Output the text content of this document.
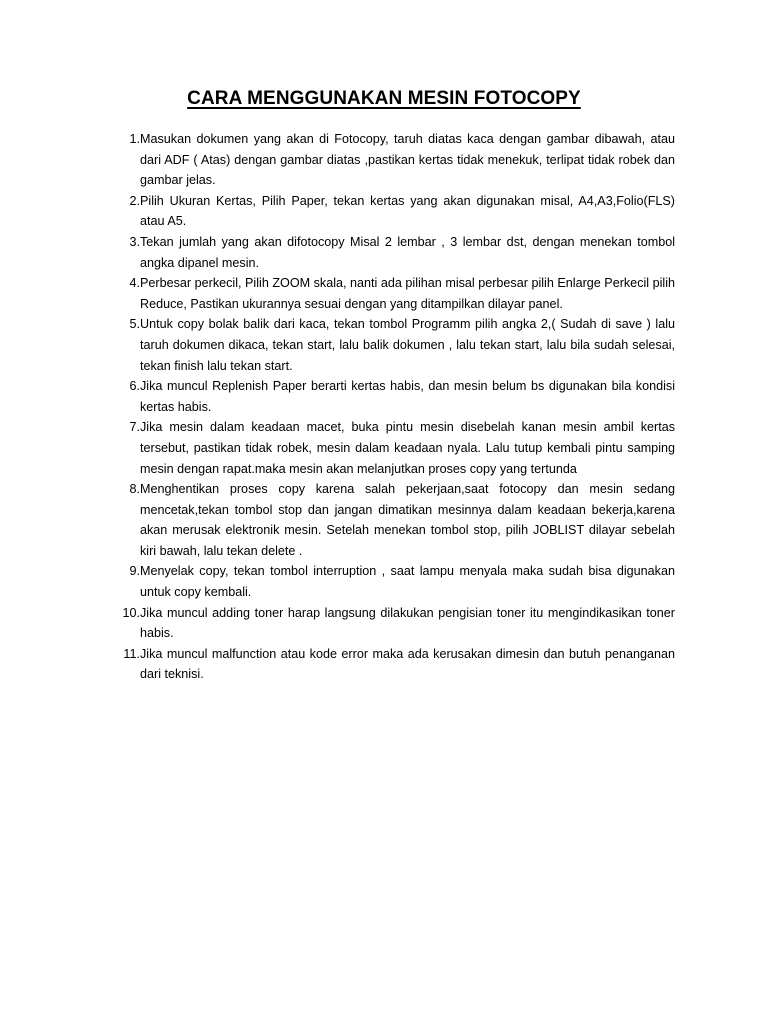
CARA MENGGUNAKAN MESIN FOTOCOPY
1. Masukan dokumen yang akan di Fotocopy, taruh diatas kaca dengan gambar dibawah, atau dari ADF ( Atas) dengan gambar diatas ,pastikan kertas tidak menekuk, terlipat tidak robek dan gambar jelas.
2. Pilih Ukuran Kertas, Pilih Paper, tekan kertas yang akan digunakan misal, A4,A3,Folio(FLS) atau A5.
3. Tekan jumlah yang akan difotocopy Misal 2 lembar , 3 lembar dst, dengan menekan tombol angka dipanel mesin.
4. Perbesar perkecil, Pilih ZOOM skala, nanti ada pilihan misal perbesar pilih Enlarge Perkecil pilih Reduce, Pastikan ukurannya sesuai dengan yang ditampilkan dilayar panel.
5. Untuk copy bolak balik dari kaca, tekan tombol Programm pilih angka 2,( Sudah di save ) lalu taruh dokumen dikaca, tekan start, lalu balik dokumen , lalu tekan start, lalu bila sudah selesai, tekan finish lalu tekan start.
6. Jika muncul Replenish Paper berarti kertas habis, dan mesin belum bs digunakan bila kondisi kertas habis.
7. Jika mesin dalam keadaan macet, buka pintu mesin disebelah kanan mesin ambil kertas tersebut, pastikan tidak robek, mesin dalam keadaan nyala. Lalu tutup kembali pintu samping mesin dengan rapat.maka mesin akan melanjutkan proses copy yang tertunda
8. Menghentikan proses copy karena salah pekerjaan,saat fotocopy dan mesin sedang mencetak,tekan tombol stop dan jangan dimatikan mesinnya dalam keadaan bekerja,karena akan merusak elektronik mesin. Setelah menekan tombol stop, pilih JOBLIST dilayar sebelah kiri bawah, lalu tekan delete .
9. Menyelak copy, tekan tombol interruption , saat lampu menyala maka sudah bisa digunakan untuk copy kembali.
10. Jika muncul adding toner harap langsung dilakukan pengisian toner itu mengindikasikan toner habis.
11. Jika muncul malfunction atau kode error maka ada kerusakan dimesin dan butuh penanganan dari teknisi.
